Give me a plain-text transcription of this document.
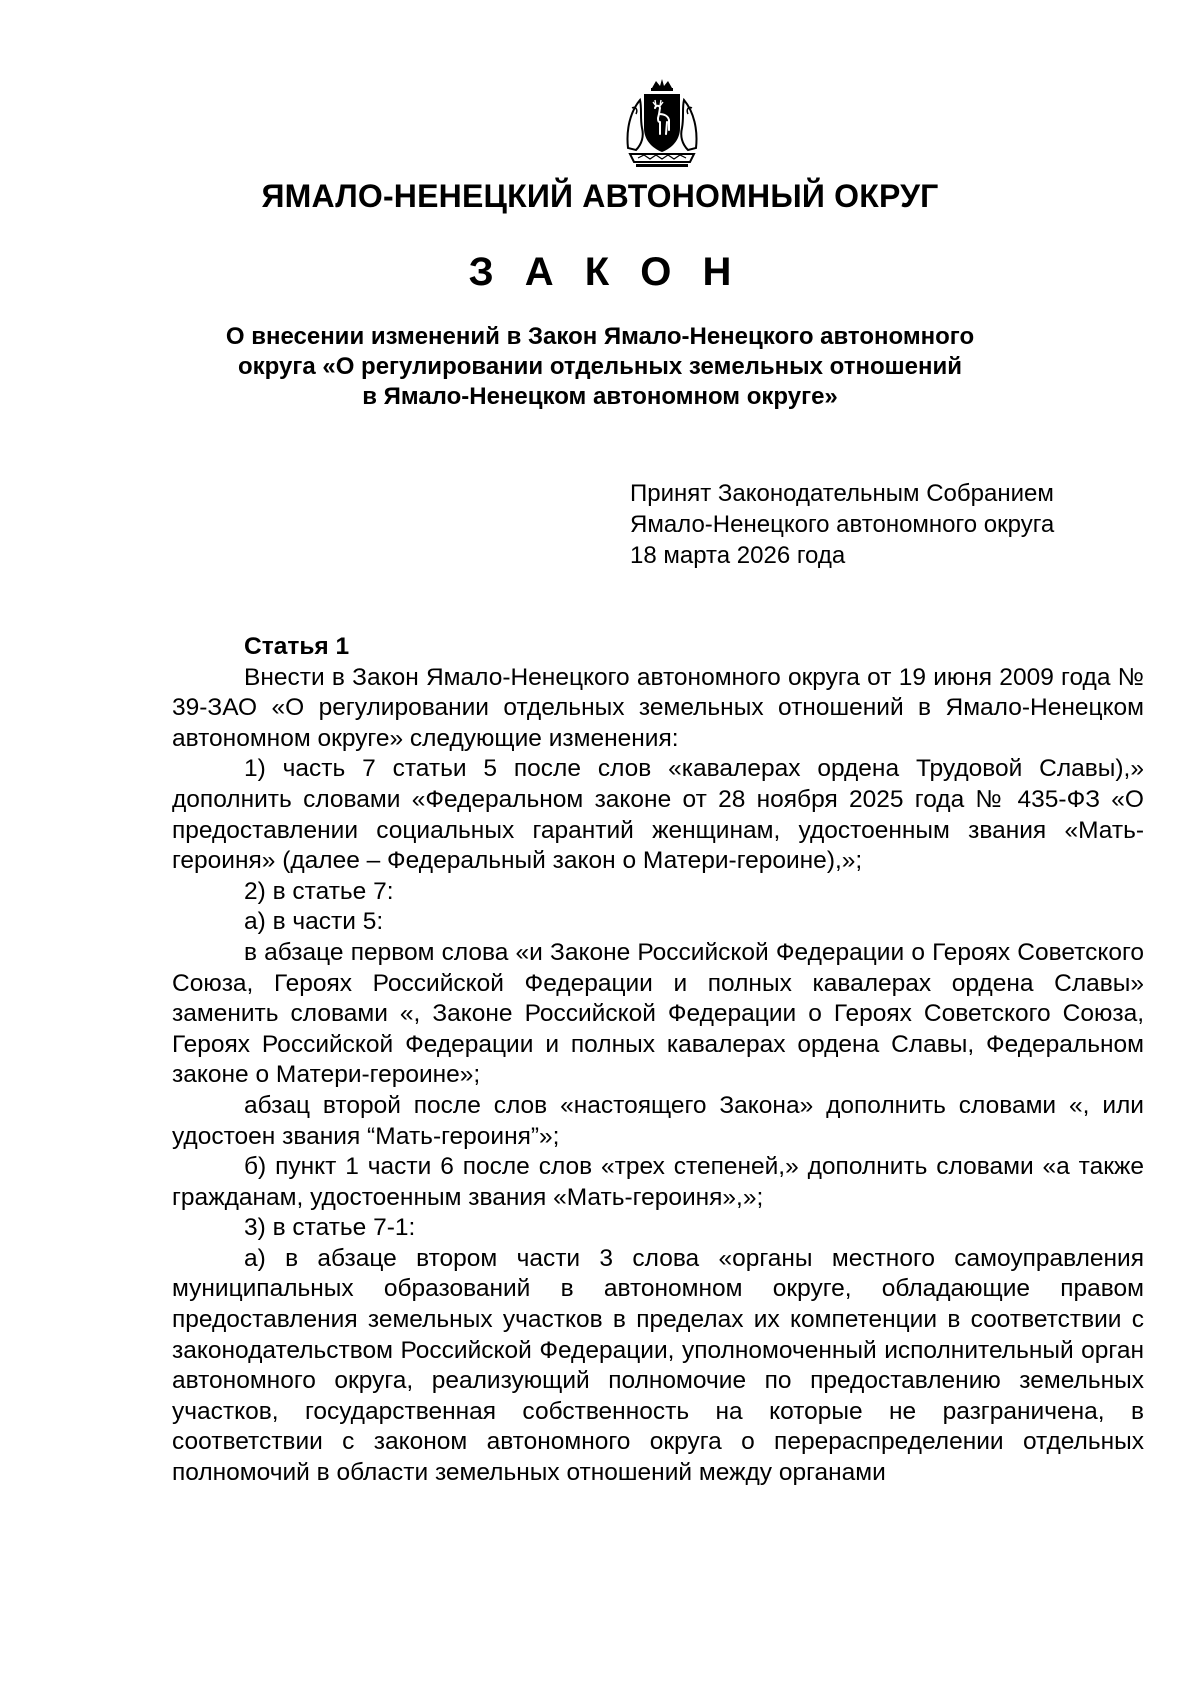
ЯМАЛО-НЕНЕЦКИЙ АВТОНОМНЫЙ ОКРУГ
З А К О Н
О внесении изменений в Закон Ямало-Ненецкого автономного
округа «О регулировании отдельных земельных отношений
в Ямало-Ненецком автономном округе»
Принят Законодательным Собранием
Ямало-Ненецкого автономного округа
18 марта 2026 года

Статья 1

Внести в Закон Ямало-Ненецкого автономного округа от 19 июня 2009 года № 39-ЗАО «О регулировании отдельных земельных отношений в Ямало-Ненецком автономном округе» следующие изменения:

1) часть 7 статьи 5 после слов «кавалерах ордена Трудовой Славы),» дополнить словами «Федеральном законе от 28 ноября 2025 года № 435-ФЗ «О предоставлении социальных гарантий женщинам, удостоенным звания «Мать-героиня» (далее – Федеральный закон о Матери-героине),»;

2) в статье 7:

а) в части 5:

в абзаце первом слова «и Законе Российской Федерации о Героях Советского Союза, Героях Российской Федерации и полных кавалерах ордена Славы» заменить словами «, Законе Российской Федерации о Героях Советского Союза, Героях Российской Федерации и полных кавалерах ордена Славы, Федеральном законе о Матери-героине»;

абзац второй после слов «настоящего Закона» дополнить словами «, или удостоен звания “Мать-героиня”»;

б) пункт 1 части 6 после слов «трех степеней,» дополнить словами «а также гражданам, удостоенным звания «Мать-героиня»,»;

3) в статье 7-1:

а) в абзаце втором части 3 слова «органы местного самоуправления муниципальных образований в автономном округе, обладающие правом предоставления земельных участков в пределах их компетенции в соответствии с законодательством Российской Федерации, уполномоченный исполнительный орган автономного округа, реализующий полномочие по предоставлению земельных участков, государственная собственность на которые не разграничена, в соответствии с законом автономного округа о перераспределении отдельных полномочий в области земельных отношений между органами
